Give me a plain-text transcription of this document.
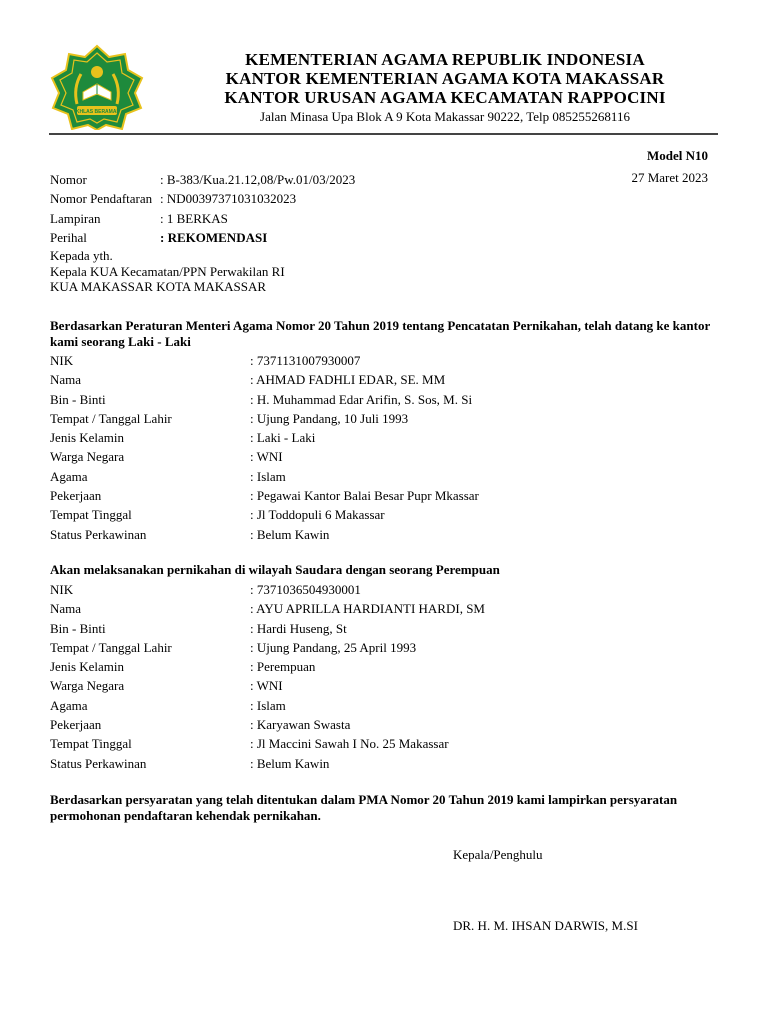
IKHLAS BERAMAL
KEMENTERIAN AGAMA REPUBLIK INDONESIA
KANTOR KEMENTERIAN AGAMA KOTA MAKASSAR
KANTOR URUSAN AGAMA KECAMATAN RAPPOCINI
Jalan Minasa Upa Blok A 9 Kota Makassar 90222, Telp 085255268116
Model N10
27 Maret 2023
Nomor	: B-383/Kua.21.12,08/Pw.01/03/2023
Nomor Pendaftaran : ND00397371031032023
Lampiran	: 1 BERKAS
Perihal	: REKOMENDASI
Kepada yth.
Kepala KUA Kecamatan/PPN Perwakilan RI
KUA MAKASSAR KOTA MAKASSAR
Berdasarkan Peraturan Menteri Agama Nomor 20 Tahun 2019 tentang Pencatatan Pernikahan, telah datang ke kantor kami seorang Laki - Laki
NIK	: 7371131007930007
Nama	: AHMAD FADHLI EDAR, SE. MM
Bin - Binti	: H. Muhammad Edar Arifin, S. Sos, M. Si
Tempat / Tanggal Lahir	: Ujung Pandang, 10 Juli 1993
Jenis Kelamin	: Laki - Laki
Warga Negara	: WNI
Agama	: Islam
Pekerjaan	: Pegawai Kantor Balai Besar Pupr Mkassar
Tempat Tinggal	: Jl Toddopuli 6 Makassar
Status Perkawinan	: Belum Kawin
Akan melaksanakan pernikahan di wilayah Saudara dengan seorang Perempuan
NIK	: 7371036504930001
Nama	: AYU APRILLA HARDIANTI HARDI, SM
Bin - Binti	: Hardi Huseng, St
Tempat / Tanggal Lahir	: Ujung Pandang, 25 April 1993
Jenis Kelamin	: Perempuan
Warga Negara	: WNI
Agama	: Islam
Pekerjaan	: Karyawan Swasta
Tempat Tinggal	: Jl Maccini Sawah I No. 25 Makassar
Status Perkawinan	: Belum Kawin
Berdasarkan persyaratan yang telah ditentukan dalam PMA Nomor 20 Tahun 2019 kami lampirkan persyaratan permohonan pendaftaran kehendak pernikahan.
Kepala/Penghulu
DR. H. M. IHSAN DARWIS, M.SI
